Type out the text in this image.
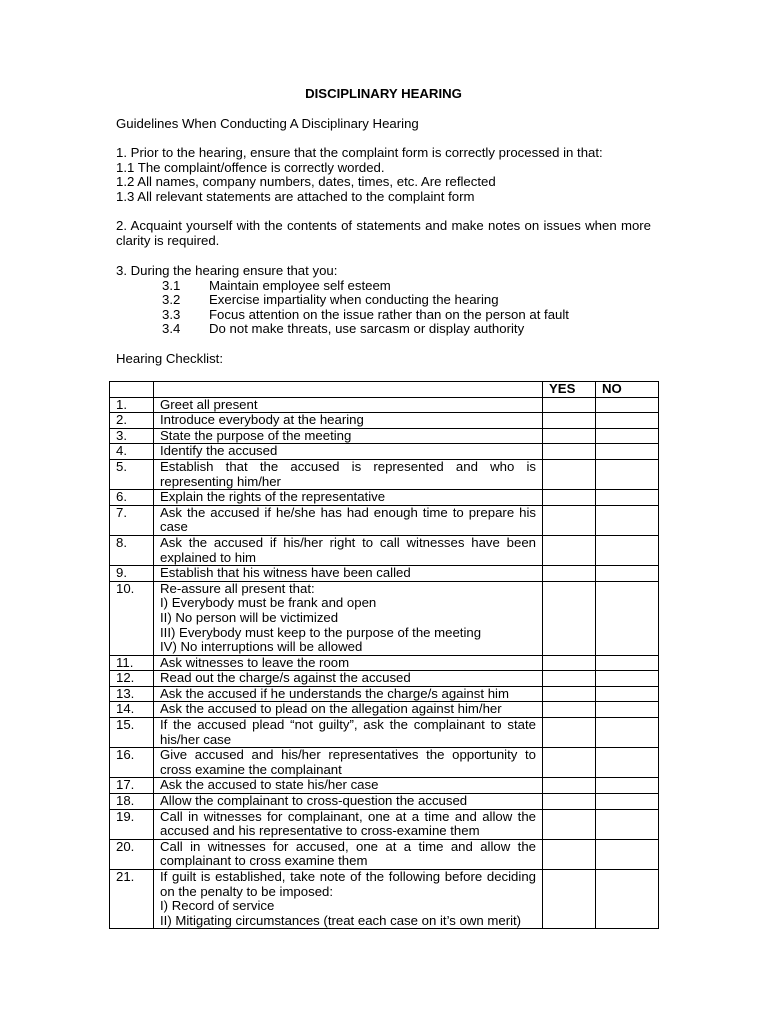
DISCIPLINARY HEARING
Guidelines When Conducting A Disciplinary Hearing
1. Prior to the hearing, ensure that the complaint form is correctly processed in that:
1.1 The complaint/offence is correctly worded.
1.2 All names, company numbers, dates, times, etc. Are reflected
1.3 All relevant statements are attached to the complaint form
2. Acquaint yourself with the contents of statements and make notes on issues when more clarity is required.
3. During the hearing ensure that you:
3.1 Maintain employee self esteem
3.2 Exercise impartiality when conducting the hearing
3.3 Focus attention on the issue rather than on the person at fault
3.4 Do not make threats, use sarcasm or display authority
Hearing Checklist:
		YES	NO
1.	Greet all present		

2.	Introduce everybody at the hearing		

3.	State the purpose of the meeting		

4.	Identify the accused		

5.	Establish that the accused is represented and who is representing him/her		

6.	Explain the rights of the representative		

7.	Ask the accused if he/she has had enough time to prepare his case		

8.	Ask the accused if his/her right to call witnesses have been explained to him		

9.	Establish that his witness have been called		

10.	Re-assure all present that:
I) Everybody must be frank and open
II) No person will be victimized
III) Everybody must keep to the purpose of the meeting
IV) No interruptions will be allowed		

11.	Ask witnesses to leave the room		

12.	Read out the charge/s against the accused		

13.	Ask the accused if he understands the charge/s against him		

14.	Ask the accused to plead on the allegation against him/her		

15.	If the accused plead “not guilty”, ask the complainant to state his/her case		

16.	Give accused and his/her representatives the opportunity to cross examine the complainant		

17.	Ask the accused to state his/her case		

18.	Allow the complainant to cross-question the accused		

19.	Call in witnesses for complainant, one at a time and allow the accused and his representative to cross-examine them		

20.	Call in witnesses for accused, one at a time and allow the complainant to cross examine them		

21.	If guilt is established, take note of the following before deciding on the penalty to be imposed:
I) Record of service
II) Mitigating circumstances (treat each case on it’s own merit)		
